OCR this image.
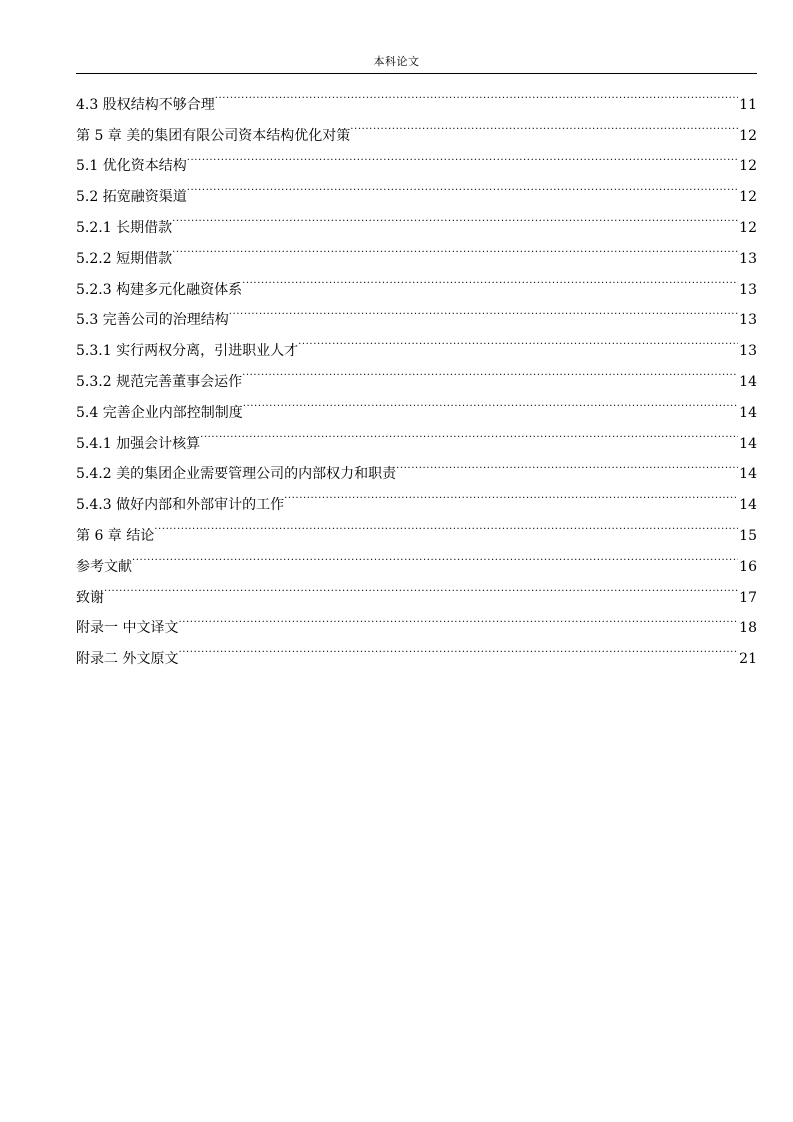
本科论文
4.3 股权结构不够合理 .....	11
第 5 章 美的集团有限公司资本结构优化对策 .....	12
5.1 优化资本结构 .....	12
5.2 拓宽融资渠道 .....	12
5.2.1 长期借款 .....	12
5.2.2 短期借款 .....	13
5.2.3 构建多元化融资体系 .....	13
5.3 完善公司的治理结构 .....	13
5.3.1 实行两权分离，引进职业人才 .....	13
5.3.2 规范完善董事会运作 .....	14
5.4 完善企业内部控制制度 .....	14
5.4.1 加强会计核算 .....	14
5.4.2 美的集团企业需要管理公司的内部权力和职责 .....	14
5.4.3 做好内部和外部审计的工作 .....	14
第 6 章 结论 .....	15
参考文献 .....	16
致谢 .....	17
附录一 中文译文 .....	18
附录二 外文原文 .....	21
